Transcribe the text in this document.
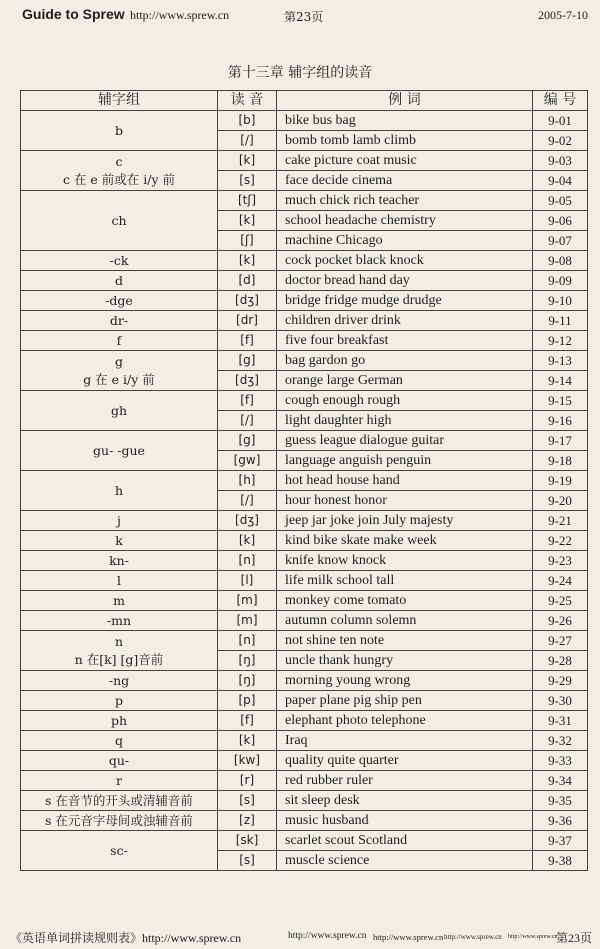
Guide to Sprew http://www.sprew.cn	第23页	2005-7-10
第十三章 辅字组的读音
辅字组	读 音	例 词	编 号
b	[b]	bike bus bag	9-01
	[/]	bomb tomb lamb climb	9-02

c
c 在 e 前或在 i/y 前	[k]	cake picture coat music	9-03
	[s]	face decide cinema	9-04
ch	[tʃ]	much chick rich teacher	9-05
	[k]	school headache chemistry	9-06
	[ʃ]	machine Chicago	9-07
-ck	[k]	cock pocket black knock	9-08
d	[d]	doctor bread hand day	9-09
-dge	[dʒ]	bridge fridge mudge drudge	9-10
dr-	[dr]	children driver drink	9-11
f	[f]	five four breakfast	9-12

g
g 在 e i/y 前	[g]	bag gardon go	9-13
	[dʒ]	orange large German	9-14
gh	[f]	cough enough rough	9-15
	[/]	light daughter high	9-16
gu- -gue	[g]	guess league dialogue guitar	9-17
	[gw]	language anguish penguin	9-18
h	[h]	hot head house hand	9-19
	[/]	hour honest honor	9-20
j	[dʒ]	jeep jar joke join July majesty	9-21
k	[k]	kind bike skate make week	9-22
kn-	[n]	knife know knock	9-23
l	[l]	life milk school tall	9-24
m	[m]	monkey come tomato	9-25
-mn	[m]	autumn column solemn	9-26

n
n 在[k] [g]音前	[n]	not shine ten note	9-27
	[ŋ]	uncle thank hungry	9-28
-ng	[ŋ]	morning young wrong	9-29
p	[p]	paper plane pig ship pen	9-30
ph	[f]	elephant photo telephone	9-31
q	[k]	Iraq	9-32
qu-	[kw]	quality quite quarter	9-33
r	[r]	red rubber ruler	9-34
s 在音节的开头或清辅音前	[s]	sit sleep desk	9-35
s 在元音字母间或浊辅音前	[z]	music husband	9-36
sc-	[sk]	scarlet scout Scotland	9-37
	[s]	muscle science	9-38
《英语单词拼读规则表》http://www.sprew.cn	http://www.sprew.cn http://www.sprew.cn http://www.sprew.cn http://www.sprew.cn
第23页
